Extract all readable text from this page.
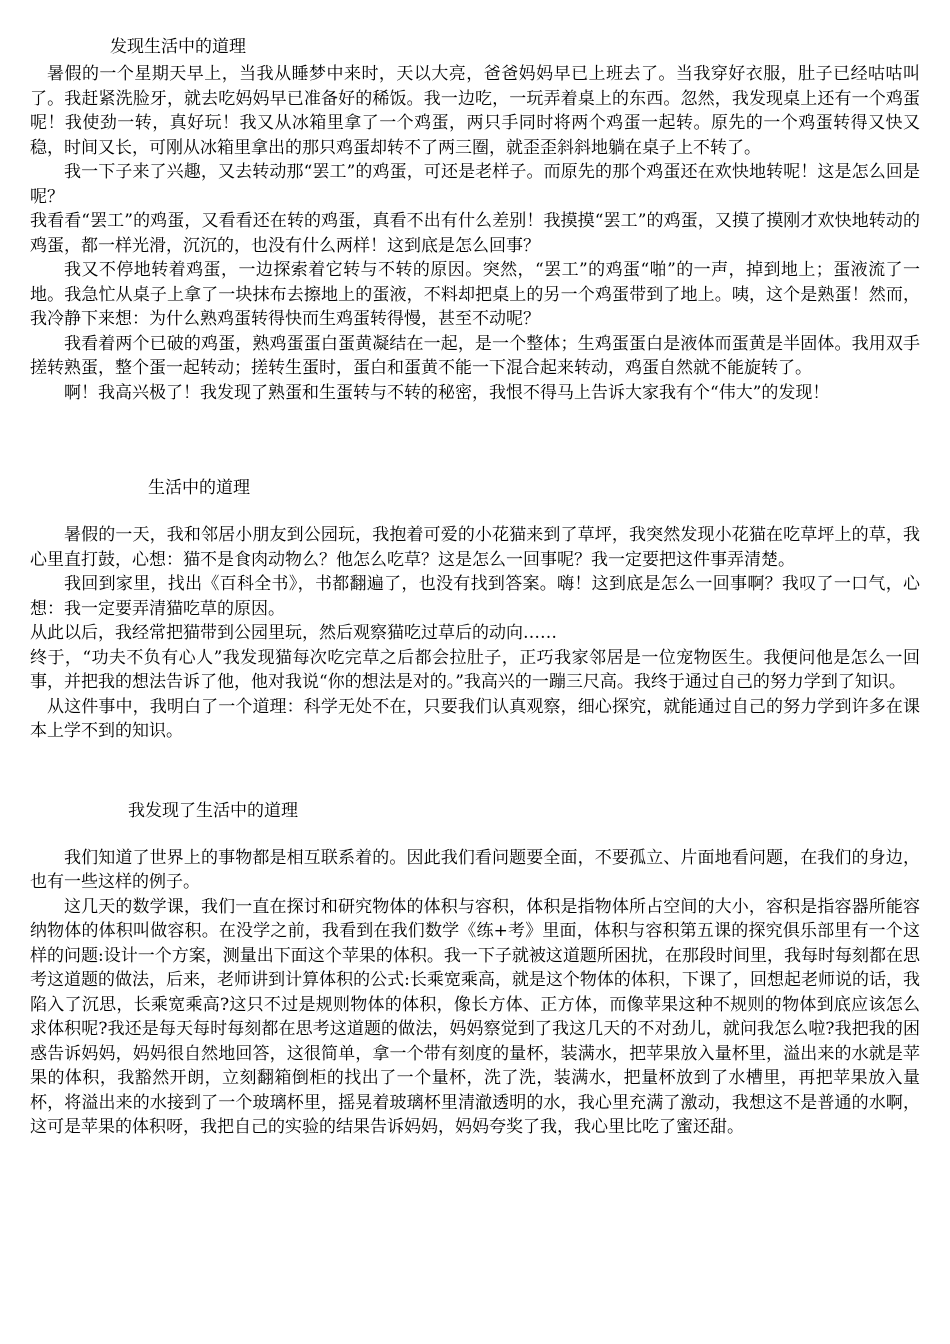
发现生活中的道理

暑假的一个星期天早上，当我从睡梦中来时，天以大亮，爸爸妈妈早已上班去了。当我穿好衣服，肚子已经咕咕叫了。我赶紧洗脸牙，就去吃妈妈早已准备好的稀饭。我一边吃，一玩弄着桌上的东西。忽然，我发现桌上还有一个鸡蛋呢！我使劲一转，真好玩！我又从冰箱里拿了一个鸡蛋，两只手同时将两个鸡蛋一起转。原先的一个鸡蛋转得又快又稳，时间又长，可刚从冰箱里拿出的那只鸡蛋却转不了两三圈，就歪歪斜斜地躺在桌子上不转了。

我一下子来了兴趣，又去转动那“罢工”的鸡蛋，可还是老样子。而原先的那个鸡蛋还在欢快地转呢！这是怎么回是呢？

我看看“罢工”的鸡蛋，又看看还在转的鸡蛋，真看不出有什么差别！我摸摸“罢工”的鸡蛋，又摸了摸刚才欢快地转动的鸡蛋，都一样光滑，沉沉的，也没有什么两样！这到底是怎么回事？

我又不停地转着鸡蛋，一边探索着它转与不转的原因。突然，“罢工”的鸡蛋“啪”的一声，掉到地上；蛋液流了一地。我急忙从桌子上拿了一块抹布去擦地上的蛋液，不料却把桌上的另一个鸡蛋带到了地上。咦，这个是熟蛋！然而，我冷静下来想：为什么熟鸡蛋转得快而生鸡蛋转得慢，甚至不动呢？

我看着两个已破的鸡蛋，熟鸡蛋蛋白蛋黄凝结在一起，是一个整体；生鸡蛋蛋白是液体而蛋黄是半固体。我用双手搓转熟蛋，整个蛋一起转动；搓转生蛋时，蛋白和蛋黄不能一下混合起来转动，鸡蛋自然就不能旋转了。

啊！我高兴极了！我发现了熟蛋和生蛋转与不转的秘密，我恨不得马上告诉大家我有个“伟大”的发现！

生活中的道理

暑假的一天，我和邻居小朋友到公园玩，我抱着可爱的小花猫来到了草坪，我突然发现小花猫在吃草坪上的草，我心里直打鼓，心想：猫不是食肉动物么？他怎么吃草？这是怎么一回事呢？我一定要把这件事弄清楚。

我回到家里，找出《百科全书》，书都翻遍了，也没有找到答案。嗨！这到底是怎么一回事啊？我叹了一口气，心想：我一定要弄清猫吃草的原因。

从此以后，我经常把猫带到公园里玩，然后观察猫吃过草后的动向……

终于，“功夫不负有心人”我发现猫每次吃完草之后都会拉肚子，正巧我家邻居是一位宠物医生。我便问他是怎么一回事，并把我的想法告诉了他，他对我说“你的想法是对的。”我高兴的一蹦三尺高。我终于通过自己的努力学到了知识。

从这件事中，我明白了一个道理：科学无处不在，只要我们认真观察，细心探究，就能通过自己的努力学到许多在课本上学不到的知识。

我发现了生活中的道理

我们知道了世界上的事物都是相互联系着的。因此我们看问题要全面，不要孤立、片面地看问题，在我们的身边，也有一些这样的例子。

这几天的数学课，我们一直在探讨和研究物体的体积与容积，体积是指物体所占空间的大小，容积是指容器所能容纳物体的体积叫做容积。在没学之前，我看到在我们数学《练+考》里面，体积与容积第五课的探究俱乐部里有一个这样的问题:设计一个方案，测量出下面这个苹果的体积。我一下子就被这道题所困扰，在那段时间里，我每时每刻都在思考这道题的做法，后来，老师讲到计算体积的公式:长乘宽乘高，就是这个物体的体积，下课了，回想起老师说的话，我陷入了沉思，长乘宽乘高?这只不过是规则物体的体积，像长方体、正方体，而像苹果这种不规则的物体到底应该怎么求体积呢?我还是每天每时每刻都在思考这道题的做法，妈妈察觉到了我这几天的不对劲儿，就问我怎么啦?我把我的困惑告诉妈妈，妈妈很自然地回答，这很简单，拿一个带有刻度的量杯，装满水，把苹果放入量杯里，溢出来的水就是苹果的体积，我豁然开朗，立刻翻箱倒柜的找出了一个量杯，洗了洗，装满水，把量杯放到了水槽里，再把苹果放入量杯，将溢出来的水接到了一个玻璃杯里，摇晃着玻璃杯里清澈透明的水，我心里充满了激动，我想这不是普通的水啊，这可是苹果的体积呀，我把自己的实验的结果告诉妈妈，妈妈夸奖了我，我心里比吃了蜜还甜。
